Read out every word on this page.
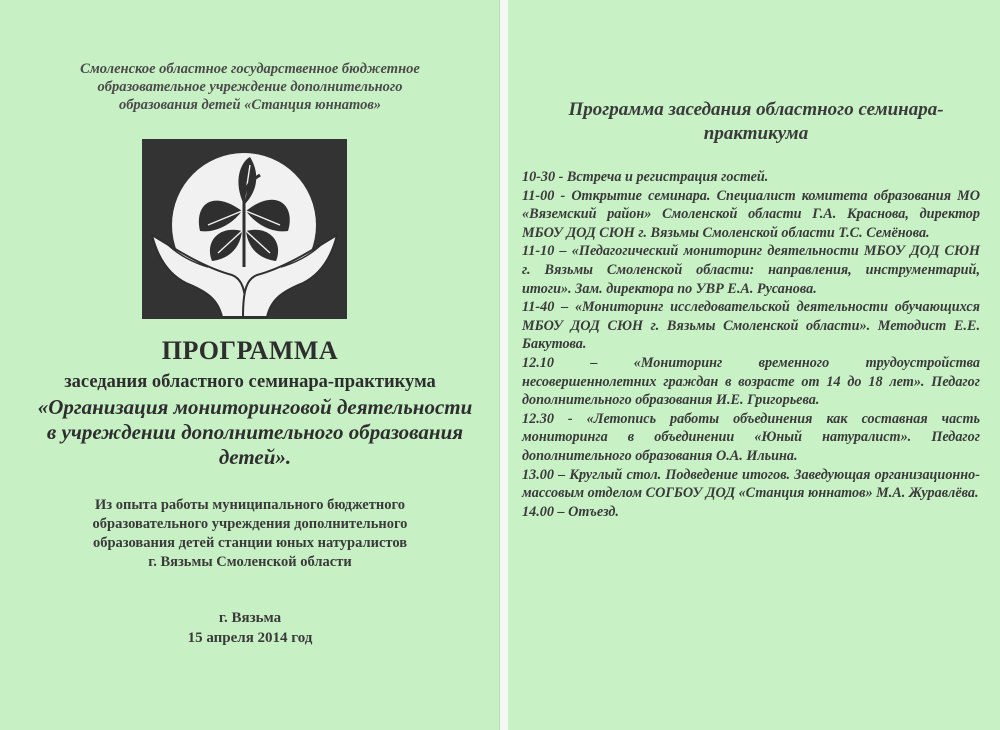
Смоленское областное государственное бюджетное
образовательное учреждение дополнительного
образования детей «Станция юннатов»
ПРОГРАММА
заседания областного семинара-практикума
«Организация мониторинговой деятельности
в учреждении дополнительного образования
детей».
Из опыта работы муниципального бюджетного
образовательного учреждения дополнительного
образования детей станции юных натуралистов
г. Вязьмы Смоленской области
г. Вязьма
15 апреля 2014 год
Программа заседания областного семинара-
практикума

10-30 - Встреча и регистрация гостей.

11-00 - Открытие семинара. Специалист комитета образования МО «Вяземский район» Смоленской области Г.А. Краснова, директор МБОУ ДОД СЮН г. Вязьмы Смоленской области Т.С. Семёнова.

11-10 – «Педагогический мониторинг деятельности МБОУ ДОД СЮН г. Вязьмы Смоленской области: направления, инструментарий, итоги». Зам. директора по УВР Е.А. Русанова.

11-40 – «Мониторинг исследовательской деятельности обучающихся МБОУ ДОД СЮН г. Вязьмы Смоленской области». Методист Е.Е. Бакутова.

12.10 – «Мониторинг временного трудоустройства несовершеннолетних граждан в возрасте от 14 до 18 лет». Педагог дополнительного образования И.Е. Григорьева.

12.30 - «Летопись работы объединения как составная часть мониторинга в объединении «Юный натуралист». Педагог дополнительного образования О.А. Ильина.

13.00 – Круглый стол. Подведение итогов. Заведующая организационно-массовым отделом СОГБОУ ДОД «Станция юннатов» М.А. Журавлёва.

14.00 – Отъезд.
